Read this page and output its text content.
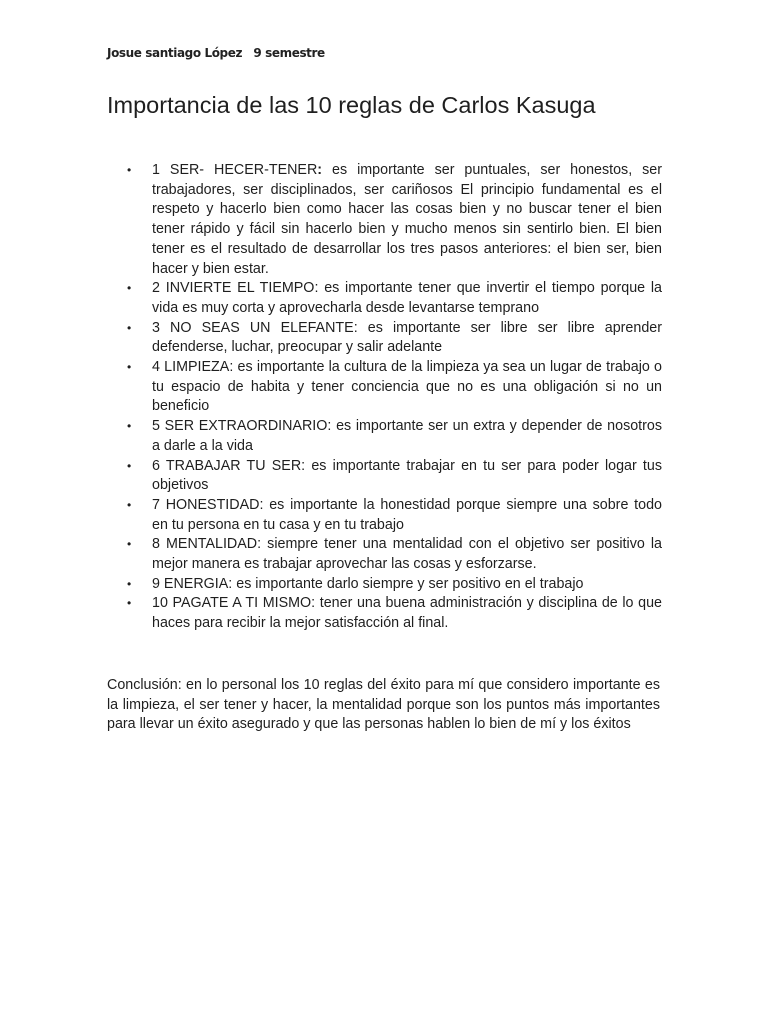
Josue santiago López   9 semestre
Importancia de las 10 reglas de Carlos Kasuga
• 1 SER- HECER-TENER: es importante ser puntuales, ser honestos, ser trabajadores, ser disciplinados, ser cariñosos El principio fundamental es el respeto y hacerlo bien como hacer las cosas bien y no buscar tener el bien tener rápido y fácil sin hacerlo bien y mucho menos sin sentirlo bien. El bien tener es el resultado de desarrollar los tres pasos anteriores: el bien ser, bien hacer y bien estar.
• 2 INVIERTE EL TIEMPO: es importante tener que invertir el tiempo porque la vida es muy corta y aprovecharla desde levantarse temprano
• 3 NO SEAS UN ELEFANTE: es importante ser libre ser libre aprender defenderse, luchar, preocupar y salir adelante
• 4 LIMPIEZA: es importante la cultura de la limpieza ya sea un lugar de trabajo o tu espacio de habita y tener conciencia que no es una obligación si no un beneficio
• 5 SER EXTRAORDINARIO: es importante ser un extra y depender de nosotros a darle a la vida
• 6 TRABAJAR TU SER: es importante trabajar en tu ser para poder logar tus objetivos
• 7 HONESTIDAD: es importante la honestidad porque siempre una sobre todo en tu persona en tu casa y en tu trabajo
• 8 MENTALIDAD: siempre tener una mentalidad con el objetivo ser positivo la mejor manera es trabajar aprovechar las cosas y esforzarse.
• 9 ENERGIA: es importante darlo siempre y ser positivo en el trabajo
• 10 PAGATE A TI MISMO: tener una buena administración y disciplina de lo que haces para recibir la mejor satisfacción al final.

Conclusión: en lo personal los 10 reglas del éxito para mí que considero importante es la limpieza, el ser tener y hacer, la mentalidad porque son los puntos más importantes para llevar un éxito asegurado y que las personas hablen lo bien de mí y los éxitos
